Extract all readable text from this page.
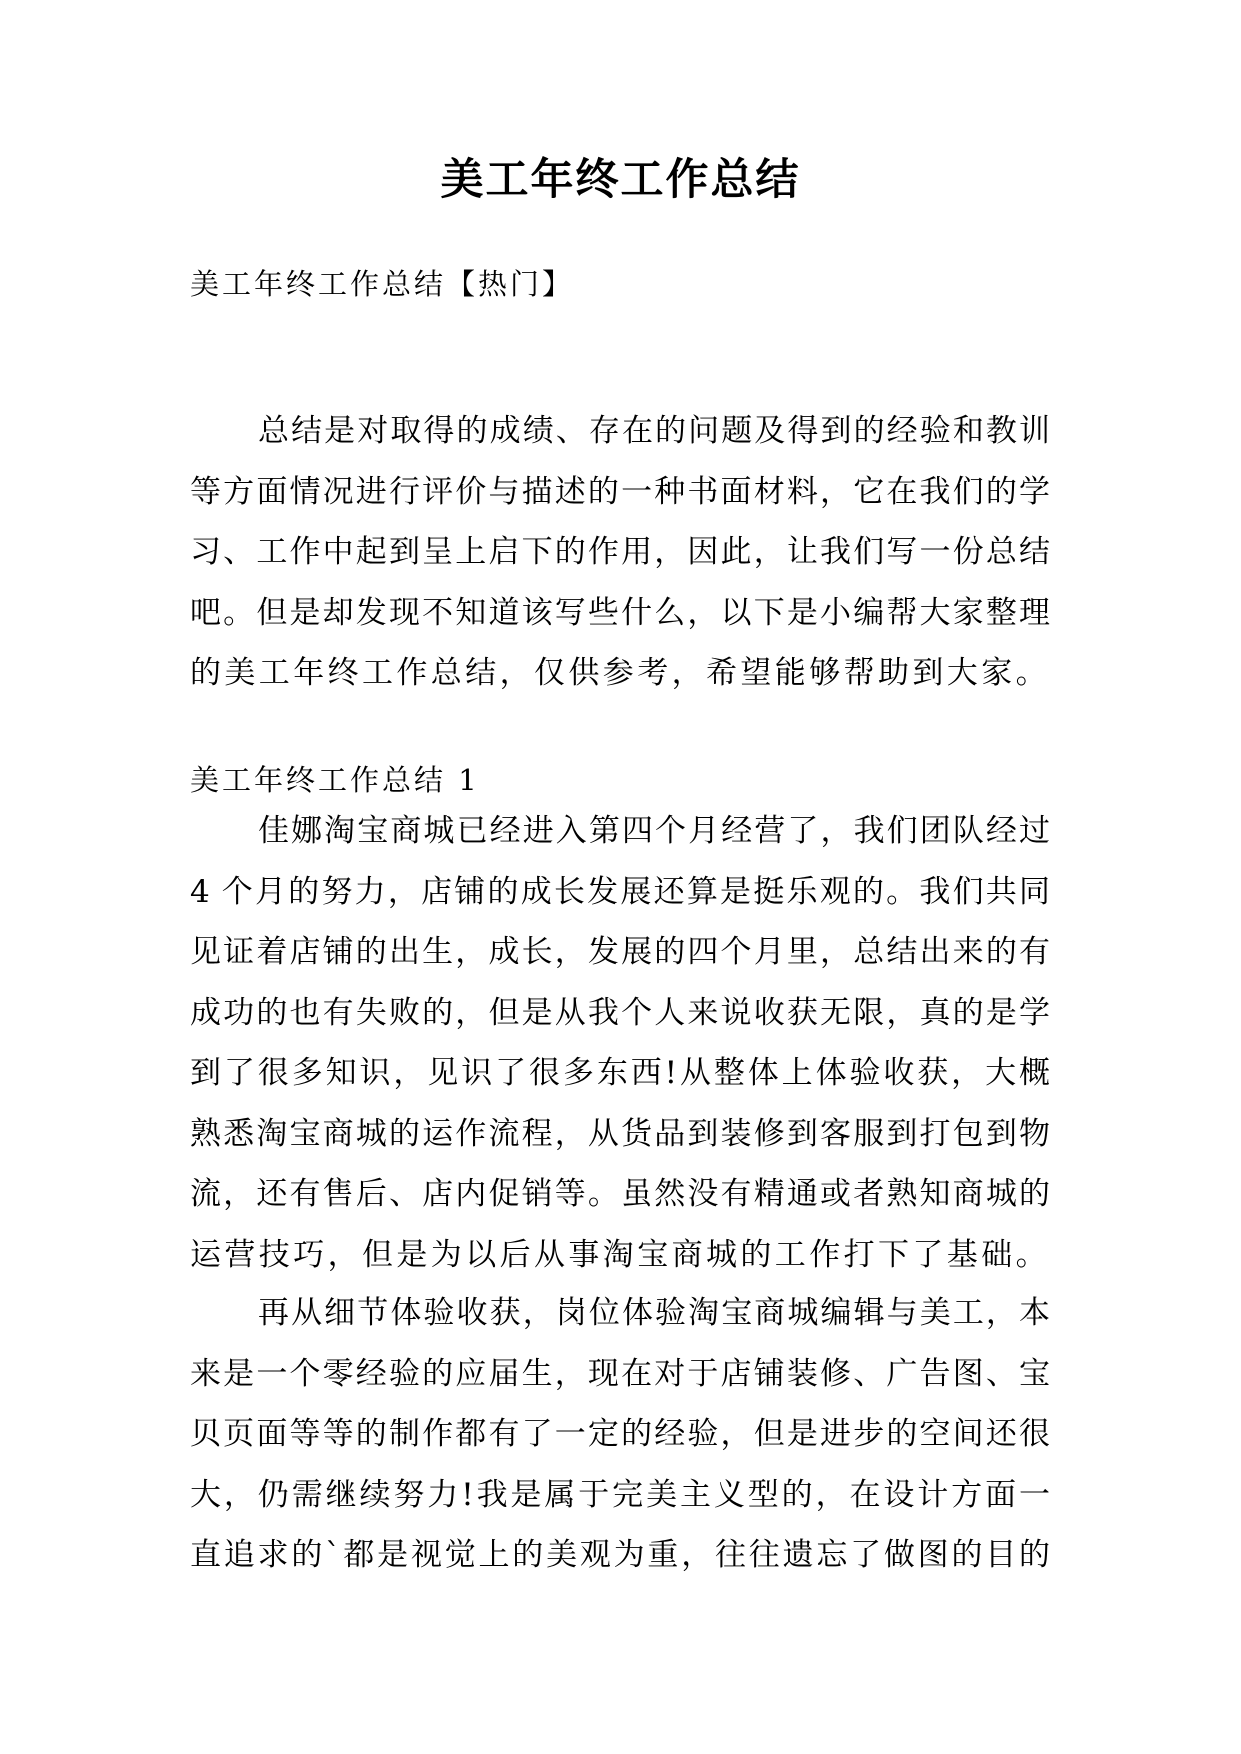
美工年终工作总结
美工年终工作总结【热门】
总结是对取得的成绩、存在的问题及得到的经验和教训
等方面情况进行评价与描述的一种书面材料，它在我们的学
习、工作中起到呈上启下的作用，因此，让我们写一份总结
吧。但是却发现不知道该写些什么，以下是小编帮大家整理
的美工年终工作总结，仅供参考，希望能够帮助到大家。
美工年终工作总结 1
佳娜淘宝商城已经进入第四个月经营了，我们团队经过
4 个月的努力，店铺的成长发展还算是挺乐观的。我们共同
见证着店铺的出生，成长，发展的四个月里，总结出来的有
成功的也有失败的，但是从我个人来说收获无限，真的是学
到了很多知识，见识了很多东西!从整体上体验收获，大概
熟悉淘宝商城的运作流程，从货品到装修到客服到打包到物
流，还有售后、店内促销等。虽然没有精通或者熟知商城的
运营技巧，但是为以后从事淘宝商城的工作打下了基础。
再从细节体验收获，岗位体验淘宝商城编辑与美工，本
来是一个零经验的应届生，现在对于店铺装修、广告图、宝
贝页面等等的制作都有了一定的经验，但是进步的空间还很
大，仍需继续努力!我是属于完美主义型的，在设计方面一
直追求的`都是视觉上的美观为重，往往遗忘了做图的目的
